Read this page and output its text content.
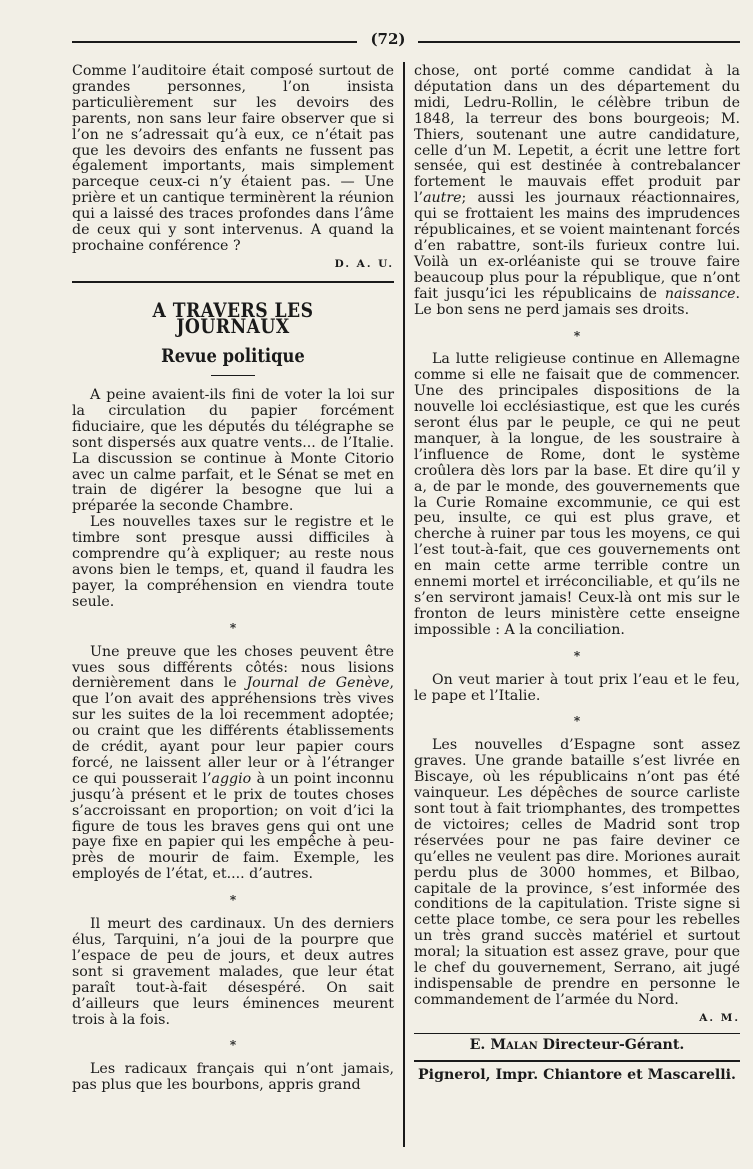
(72)

Comme l’auditoire était composé surtout de grandes personnes, l’on insista particulièrement sur les devoirs des parents, non sans leur faire observer que si l’on ne s’adressait qu’à eux, ce n’était pas que les devoirs des enfants ne fussent pas également importants, mais simplement parceque ceux-ci n’y étaient pas. — Une prière et un cantique terminèrent la réunion qui a laissé des traces profondes dans l’âme de ceux qui y sont intervenus. A quand la prochaine conférence ?

D. A. U.
A TRAVERS LES JOURNAUX
Revue politique

A peine avaient-ils fini de voter la loi sur la circulation du papier forcément fiduciaire, que les députés du télégraphe se sont dispersés aux quatre vents... de l’Italie. La discussion se continue à Monte Citorio avec un calme parfait, et le Sénat se met en train de digérer la besogne que lui a préparée la seconde Chambre.

Les nouvelles taxes sur le registre et le timbre sont presque aussi difficiles à comprendre qu’à expliquer; au reste nous avons bien le temps, et, quand il faudra les payer, la compréhension en viendra toute seule.

*

Une preuve que les choses peuvent être vues sous différents côtés: nous lisions dernièrement dans le Journal de Genève, que l’on avait des appréhensions très vives sur les suites de la loi recemment adoptée; ou craint que les différents établissements de crédit, ayant pour leur papier cours forcé, ne laissent aller leur or à l’étranger ce qui pousserait l’aggio à un point inconnu jusqu’à présent et le prix de toutes choses s’accroissant en proportion; on voit d’ici la figure de tous les braves gens qui ont une paye fixe en papier qui les empêche à peu-près de mourir de faim. Exemple, les employés de l’état, et.... d’autres.

*

Il meurt des cardinaux. Un des derniers élus, Tarquini, n’a joui de la pourpre que l’espace de peu de jours, et deux autres sont si gravement malades, que leur état paraît tout-à-fait désespéré. On sait d’ailleurs que leurs éminences meurent trois à la fois.

*

Les radicaux français qui n’ont jamais, pas plus que les bourbons, appris grand

chose, ont porté comme candidat à la députation dans un des département du midi, Ledru-Rollin, le célèbre tribun de 1848, la terreur des bons bourgeois; M. Thiers, soutenant une autre candidature, celle d’un M. Lepetit, a écrit une lettre fort sensée, qui est destinée à contrebalancer fortement le mauvais effet produit par l’autre; aussi les journaux réactionnaires, qui se frottaient les mains des imprudences républicaines, et se voient maintenant forcés d’en rabattre, sont-ils furieux contre lui. Voilà un ex-orléaniste qui se trouve faire beaucoup plus pour la république, que n’ont fait jusqu’ici les républicains de naissance. Le bon sens ne perd jamais ses droits.

*

La lutte religieuse continue en Allemagne comme si elle ne faisait que de commencer. Une des principales dispositions de la nouvelle loi ecclésiastique, est que les curés seront élus par le peuple, ce qui ne peut manquer, à la longue, de les soustraire à l’influence de Rome, dont le système croûlera dès lors par la base. Et dire qu’il y a, de par le monde, des gouvernements que la Curie Romaine excommunie, ce qui est peu, insulte, ce qui est plus grave, et cherche à ruiner par tous les moyens, ce qui l’est tout-à-fait, que ces gouvernements ont en main cette arme terrible contre un ennemi mortel et irréconciliable, et qu’ils ne s’en serviront jamais! Ceux-là ont mis sur le fronton de leurs ministère cette enseigne impossible : A la conciliation.

*

On veut marier à tout prix l’eau et le feu, le pape et l’Italie.

*

Les nouvelles d’Espagne sont assez graves. Une grande bataille s’est livrée en Biscaye, où les républicains n’ont pas été vainqueur. Les dépêches de source carliste sont tout à fait triomphantes, des trompettes de victoires; celles de Madrid sont trop réservées pour ne pas faire deviner ce qu’elles ne veulent pas dire. Moriones aurait perdu plus de 3000 hommes, et Bilbao, capitale de la province, s’est informée des conditions de la capitulation. Triste signe si cette place tombe, ce sera pour les rebelles un très grand succès matériel et surtout moral; la situation est assez grave, pour que le chef du gouvernement, Serrano, ait jugé indispensable de prendre en personne le commandement de l’armée du Nord.

A. M.
E. Malan Directeur-Gérant.
Pignerol, Impr. Chiantore et Mascarelli.
